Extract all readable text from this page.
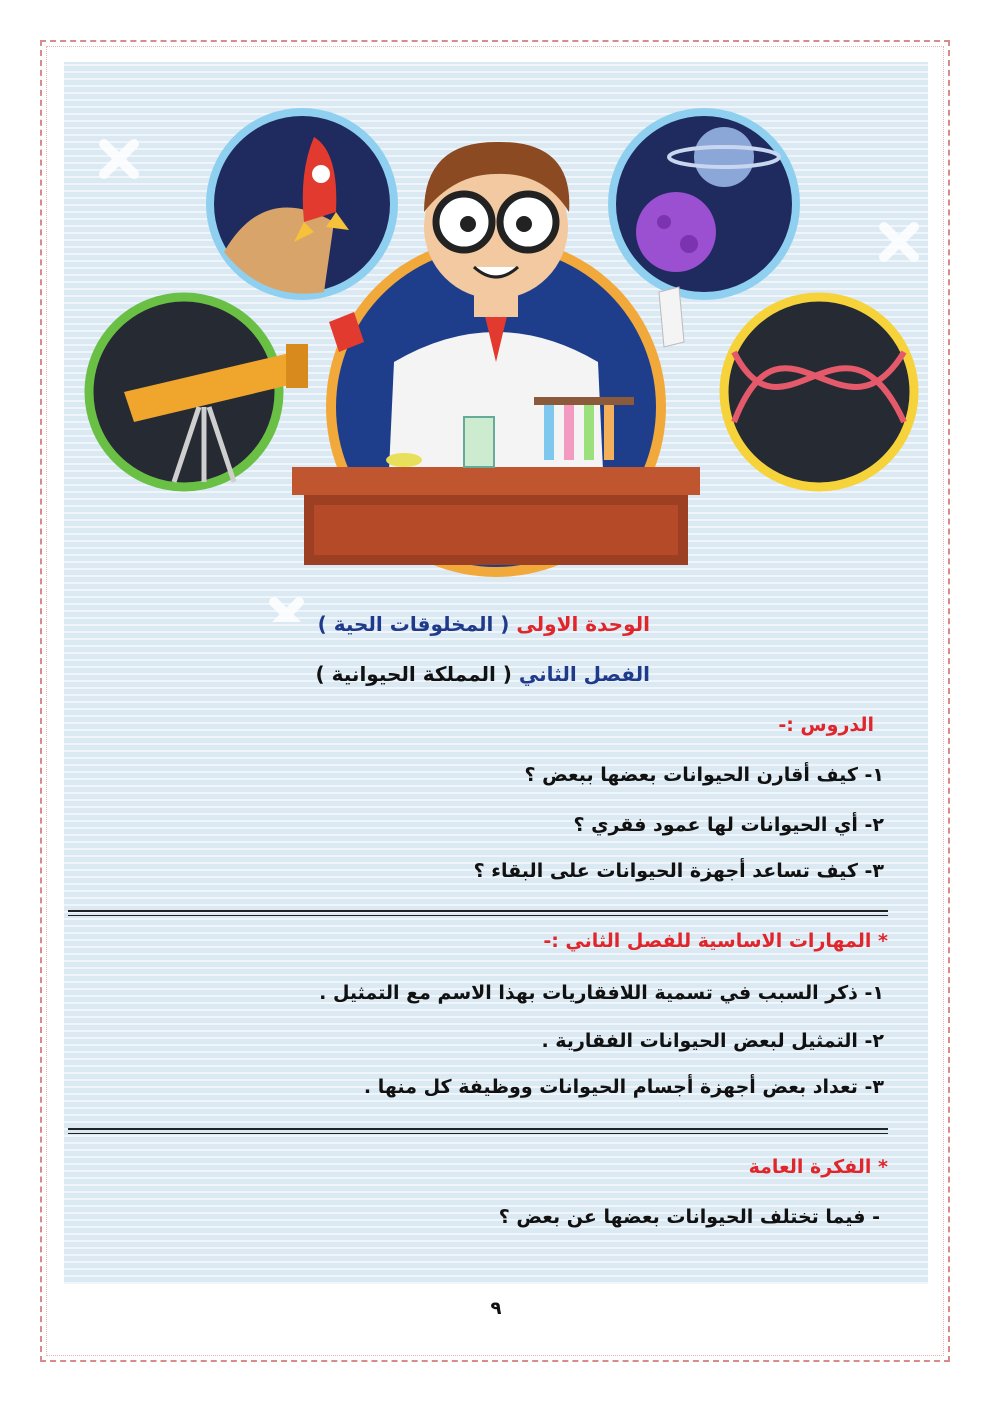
الوحدة الاولى ( المخلوقات الحية )
الفصل الثاني ( المملكة الحيوانية )
الدروس :-
١- كيف أقارن الحيوانات بعضها ببعض ؟
٢- أي الحيوانات لها عمود فقري ؟
٣- كيف تساعد أجهزة الحيوانات على البقاء ؟
* المهارات الاساسية للفصل الثاني :-
١- ذكر السبب في تسمية اللافقاريات بهذا الاسم مع التمثيل .
٢- التمثيل لبعض الحيوانات الفقارية .
٣- تعداد بعض أجهزة أجسام الحيوانات ووظيفة كل منها .
* الفكرة العامة
- فيما تختلف الحيوانات بعضها عن بعض ؟
٩
